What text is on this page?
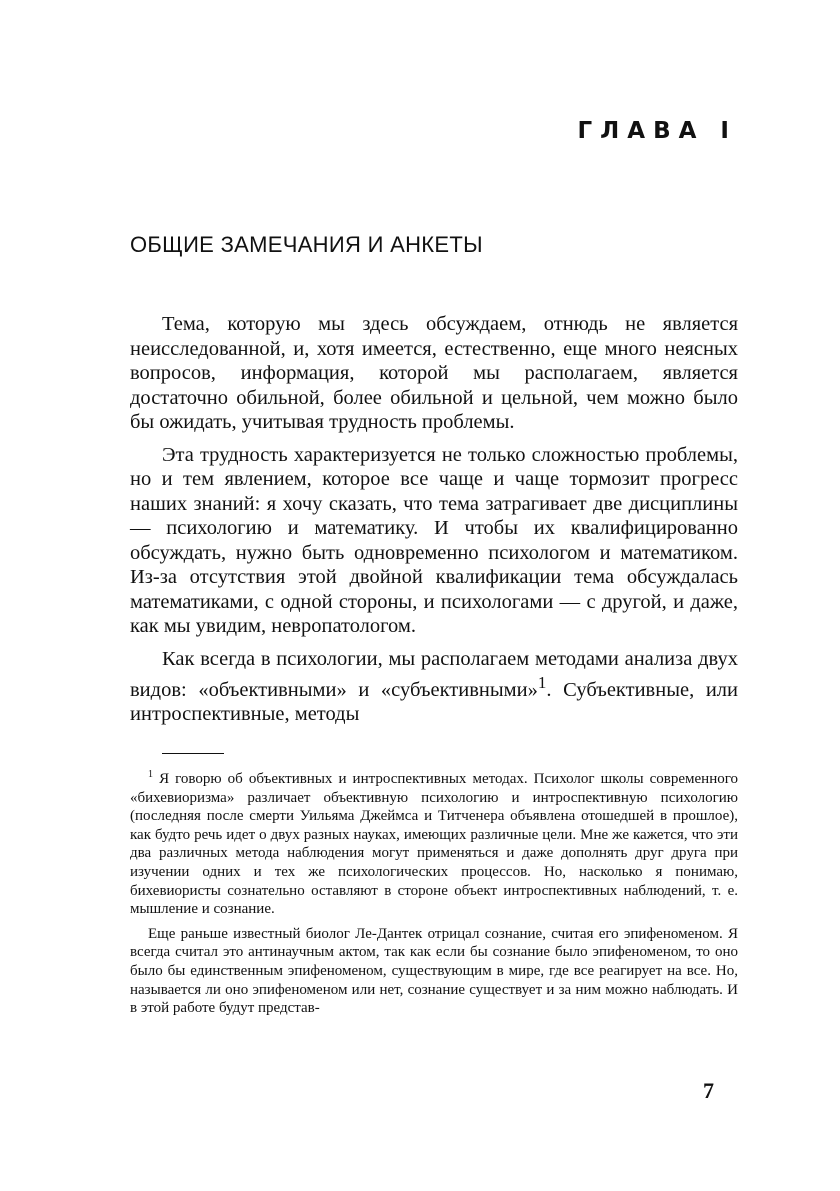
ГЛАВА I
ОБЩИЕ ЗАМЕЧАНИЯ И АНКЕТЫ

Тема, которую мы здесь обсуждаем, отнюдь не является неисследованной, и, хотя имеется, естественно, еще много неясных вопросов, информация, которой мы располагаем, является достаточно обильной, более обильной и цельной, чем можно было бы ожидать, учитывая трудность проблемы.

Эта трудность характеризуется не только сложностью проблемы, но и тем явлением, которое все чаще и чаще тормозит прогресс наших знаний: я хочу сказать, что тема затрагивает две дисциплины — психологию и математику. И чтобы их квалифицированно обсуждать, нужно быть одновременно психологом и математиком. Из-за отсутствия этой двойной квалификации тема обсуждалась математиками, с одной стороны, и психологами — с другой, и даже, как мы увидим, невропатологом.

Как всегда в психологии, мы располагаем методами анализа двух видов: «объективными» и «субъективными»$^1$. Субъективные, или интроспективные, методы

$^1$ Я говорю об объективных и интроспективных методах. Психолог школы современного «бихевиоризма» различает объективную психологию и интроспективную психологию (последняя после смерти Уильяма Джеймса и Титченера объявлена отошедшей в прошлое), как будто речь идет о двух разных науках, имеющих различные цели. Мне же кажется, что эти два различных метода наблюдения могут применяться и даже дополнять друг друга при изучении одних и тех же психологических процессов. Но, насколько я понимаю, бихевиористы сознательно оставляют в стороне объект интроспективных наблюдений, т. е. мышление и сознание.

Еще раньше известный биолог Ле-Дантек отрицал сознание, считая его эпифеноменом. Я всегда считал это антинаучным актом, так как если бы сознание было эпифеноменом, то оно было бы единственным эпифеноменом, существующим в мире, где все реагирует на все. Но, называется ли оно эпифеноменом или нет, сознание существует и за ним можно наблюдать. И в этой работе будут представ-

7
